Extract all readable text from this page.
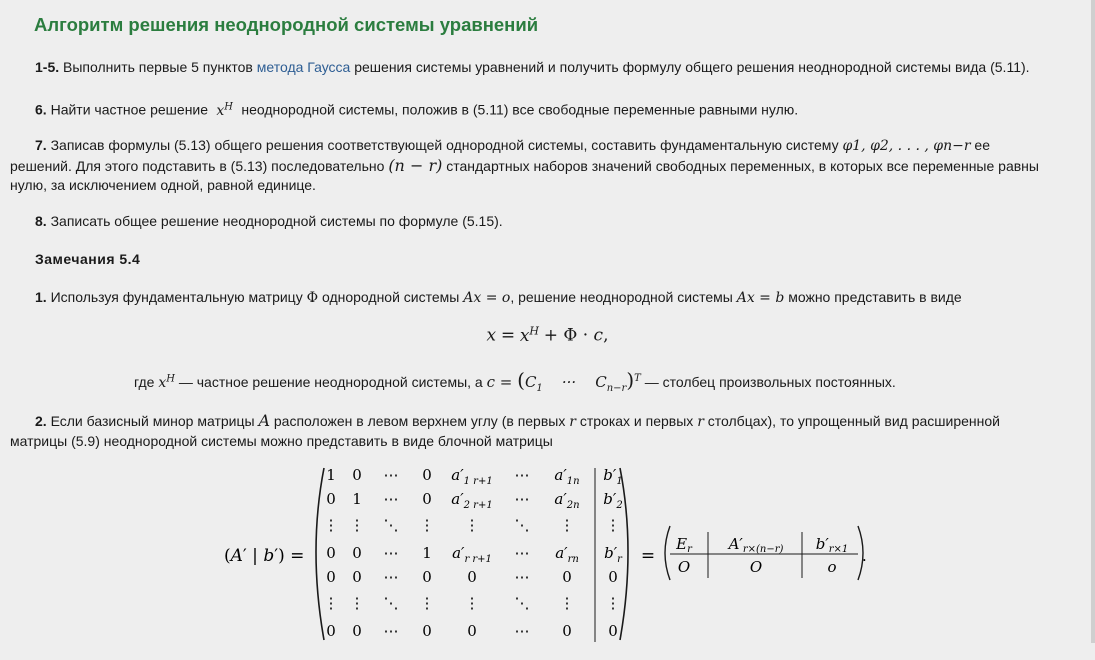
Алгоритм решения неоднородной системы уравнений

1-5. Выполнить первые 5 пунктов метода Гаусса решения системы уравнений и получить формулу общего решения неоднородной системы вида (5.11).

6. Найти частное решение  $x^H$  неоднородной системы, положив в (5.11) все свободные переменные равными нулю.

7. Записав формулы (5.13) общего решения соответствующей однородной системы, составить фундаментальную систему φ1, φ2, . . . , φn−r ее
решений. Для этого подставить в (5.13) последовательно (n − r) стандартных наборов значений свободных переменных, в которых все переменные равны
нулю, за исключением одной, равной единице.

8. Записать общее решение неоднородной системы по формуле (5.15).

Замечания 5.4

1. Используя фундаментальную матрицу Φ однородной системы Ax = o, решение неоднородной системы Ax = b можно представить в виде

$x = x^H + \Phi \cdot c$,

где $x^H$ — частное решение неоднородной системы, а $c = (C_1$    ···    $C_{n-r})^T$ — столбец произвольных постоянных.

2. Если базисный минор матрицы A расположен в левом верхнем углу (в первых r строках и первых r столбцах), то упрощенный вид расширенной
матрицы (5.9) неоднородной системы можно представить в виде блочной матрицы

(A′ | b′) =
1 0 ⋯ 0 $a'_{1 r+1}$ ⋯ $a'_{1n}$ $b'_1$
0 1 ⋯ 0 $a'_{2 r+1}$ ⋯ $a'_{2n}$ $b'_2$
⋮ ⋮ ⋱ ⋮ ⋮ ⋱ ⋮ ⋮
0 0 ⋯ 1 $a'_{r r+1}$ ⋯ $a'_{rn}$ $b'_r$
0 0 ⋯ 0 0	⋯ 0 0
⋮ ⋮ ⋱ ⋮ ⋮ ⋱ ⋮ ⋮
0 0 ⋯ 0 0	⋯ 0 0
=
$E_r$ $A'_{r\times(n-r)}$ $b'_{r\times 1}$
O	O	o
.
